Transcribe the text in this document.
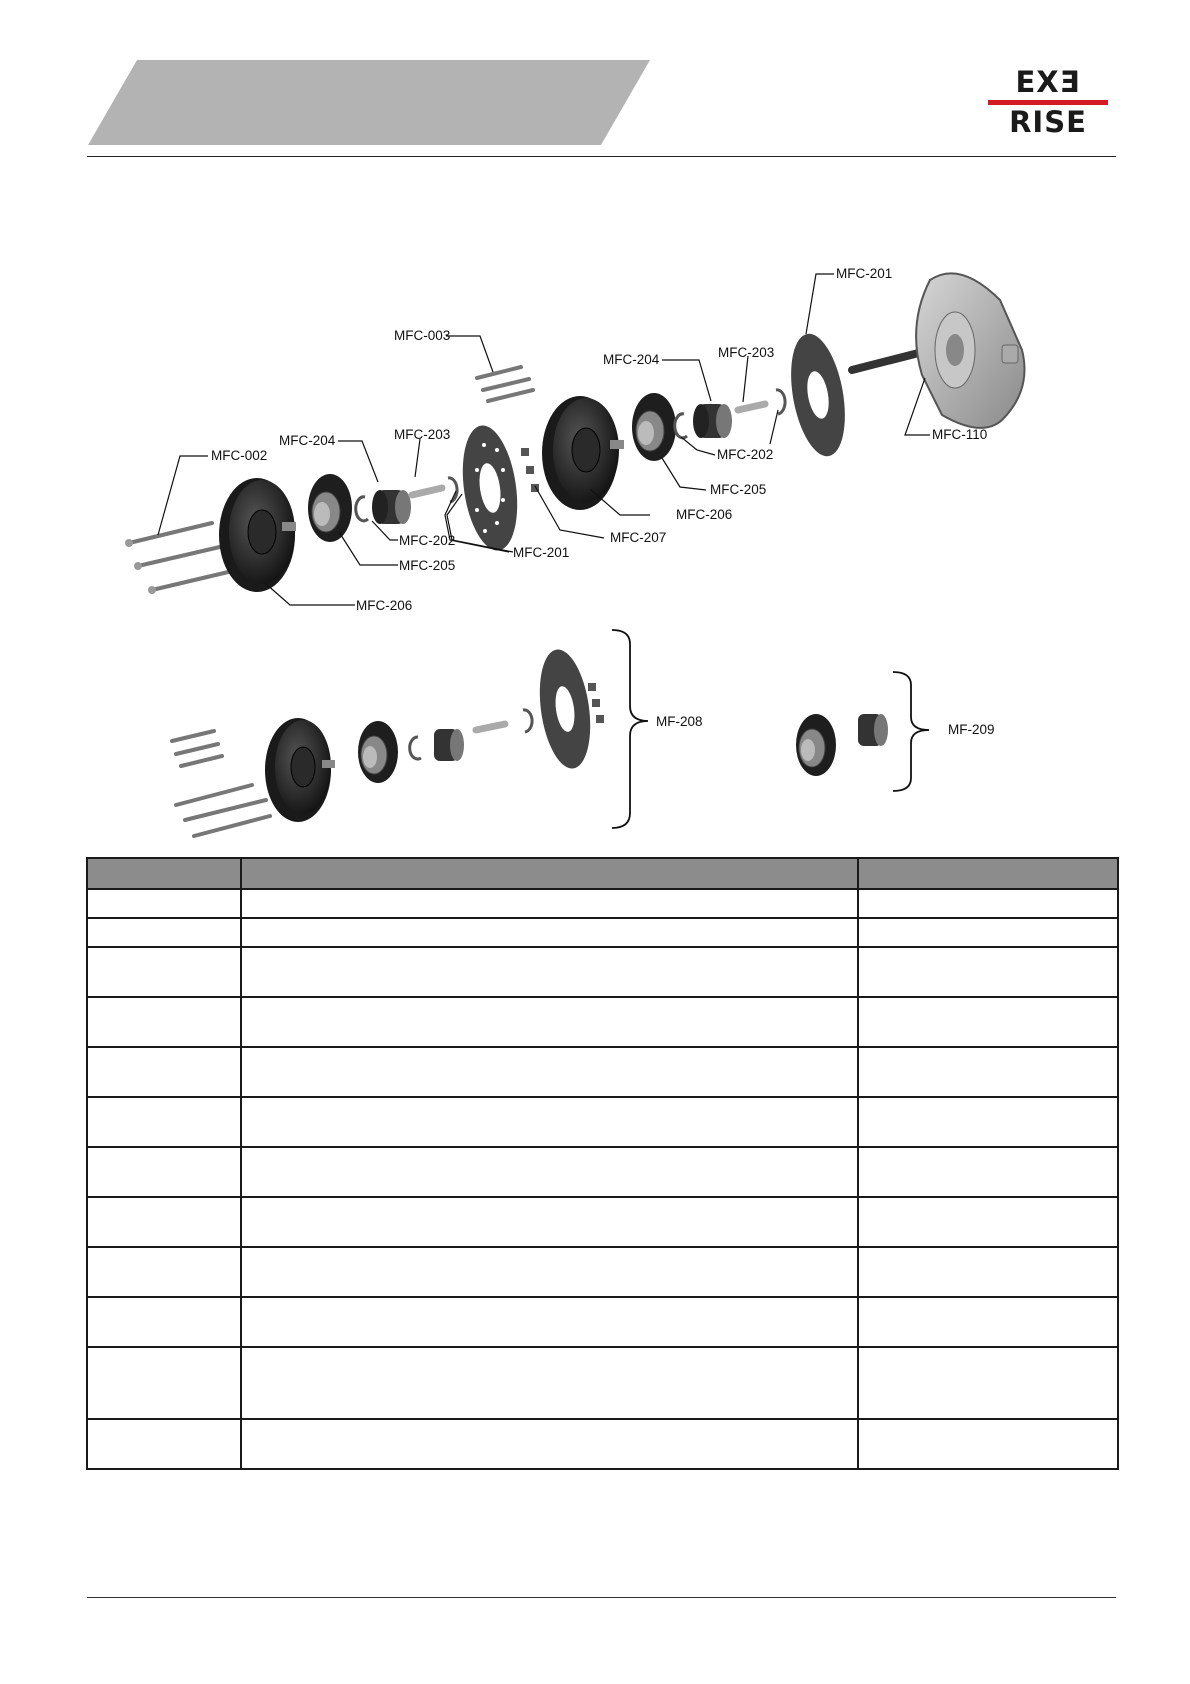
EXƎ
RISE
MFC-002
MFC-003
MFC-204	MFC-203
MFC-202
MFC-205
MFC-206
MFC-201
MFC-207
MFC-206
MFC-205
MFC-202
MFC-204	MFC-203
MFC-201
MFC-110
MF-208
MF-209
